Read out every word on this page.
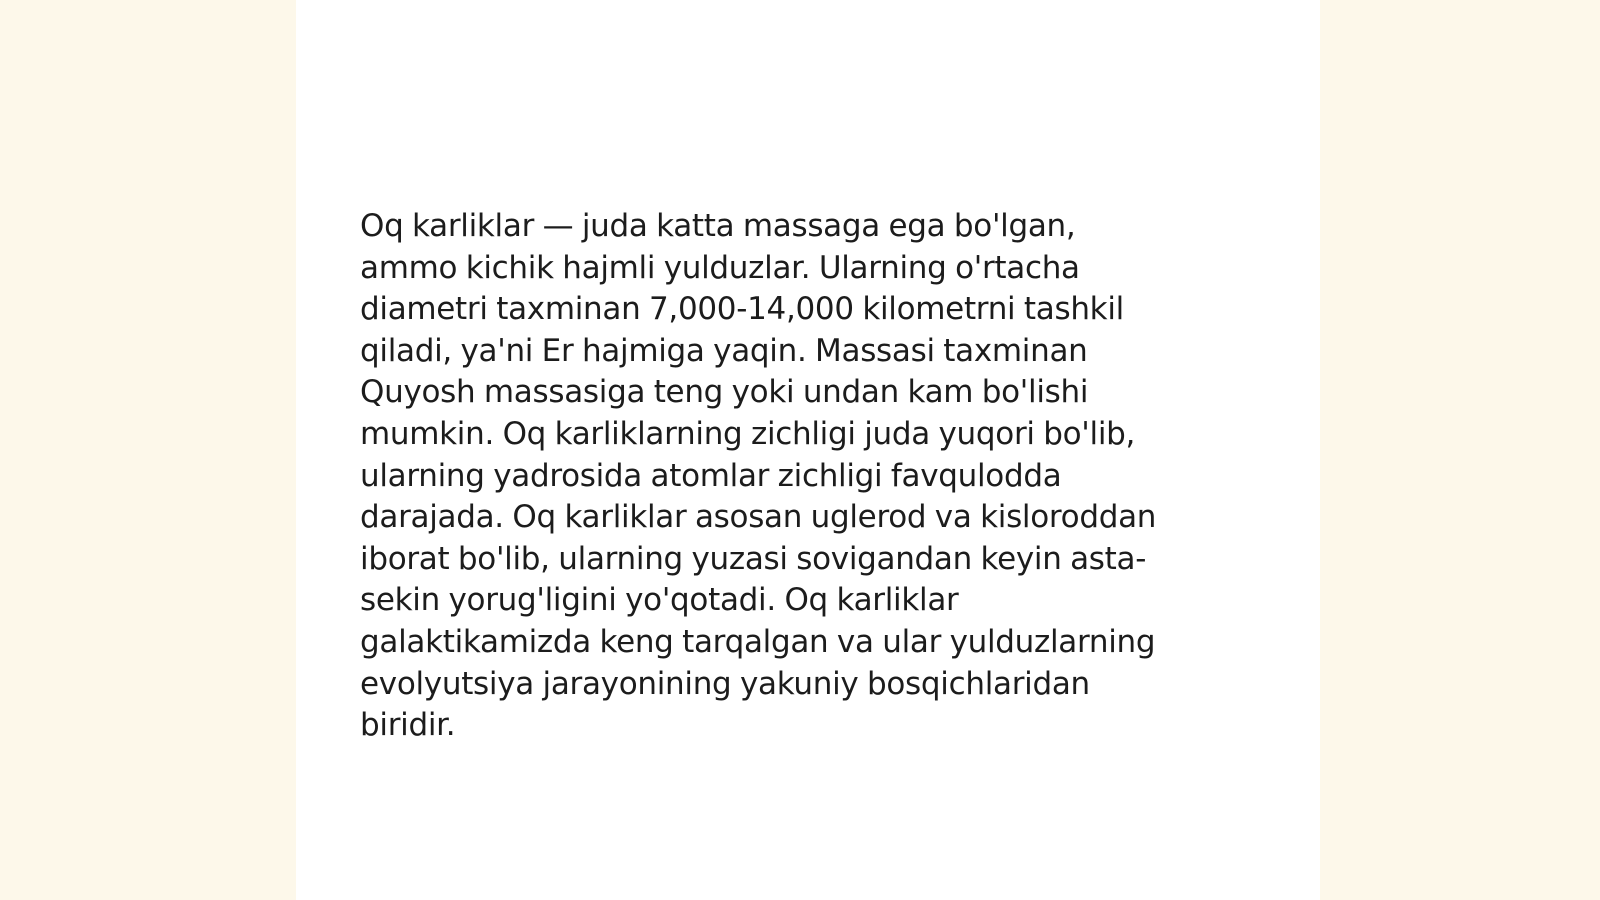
Oq karliklar — juda katta massaga ega bo'lgan,
ammo kichik hajmli yulduzlar. Ularning o'rtacha
diametri taxminan 7,000-14,000 kilometrni tashkil
qiladi, ya'ni Er hajmiga yaqin. Massasi taxminan
Quyosh massasiga teng yoki undan kam bo'lishi
mumkin. Oq karliklarning zichligi juda yuqori bo'lib,
ularning yadrosida atomlar zichligi favqulodda
darajada. Oq karliklar asosan uglerod va kisloroddan
iborat bo'lib, ularning yuzasi sovigandan keyin asta-
sekin yorug'ligini yo'qotadi. Oq karliklar
galaktikamizda keng tarqalgan va ular yulduzlarning
evolyutsiya jarayonining yakuniy bosqichlaridan
biridir.
